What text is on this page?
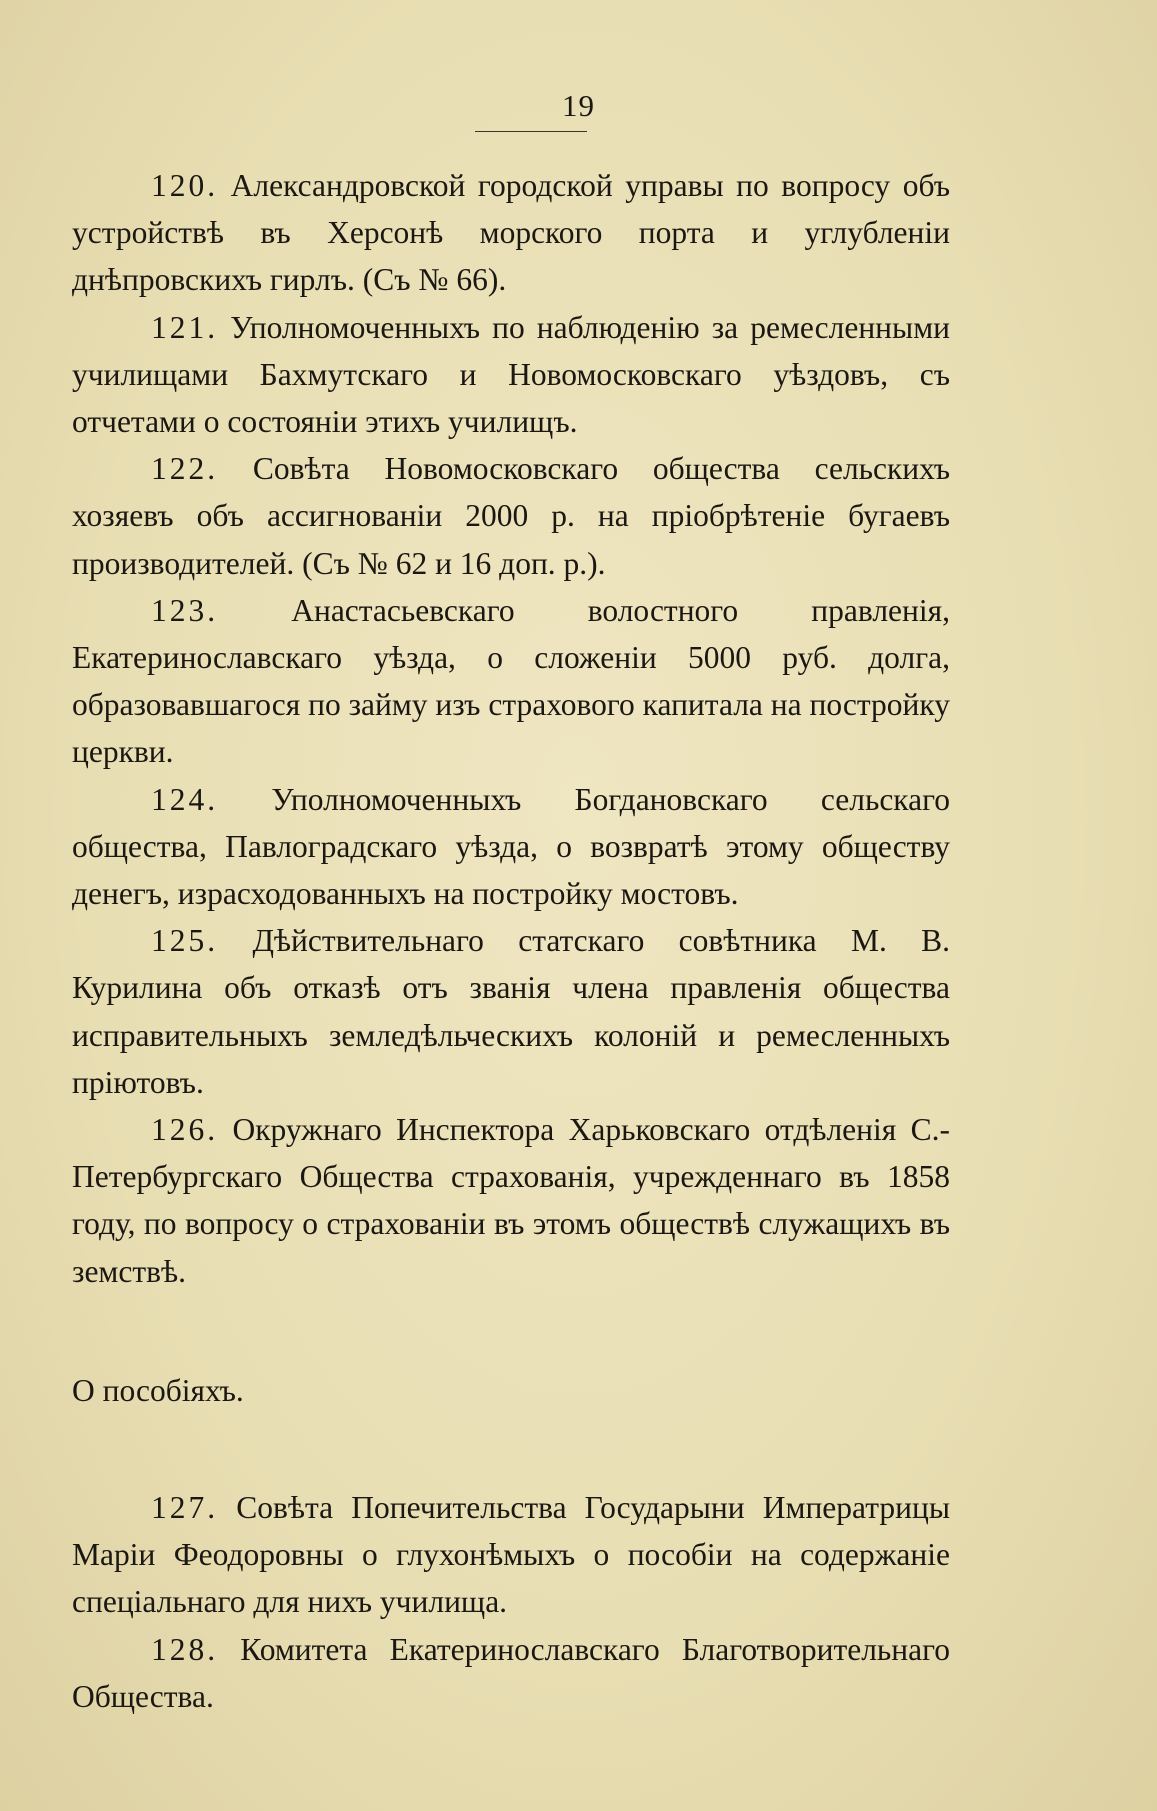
19

120. Александровской городской управы по вопросу объ устройствѣ въ Херсонѣ морского порта и углубленіи днѣпровскихъ гирлъ. (Съ № 66).

121. Уполномоченныхъ по наблюденію за ремесленными училищами Бахмутскаго и Новомосковскаго уѣздовъ, съ отчетами о состояніи этихъ училищъ.

122. Совѣта Новомосковскаго общества сельскихъ хозяевъ объ ассигнованіи 2000 р. на пріобрѣтеніе бугаевъ производителей. (Съ № 62 и 16 доп. р.).

123. Анастасьевскаго волостного правленія, Екатеринославскаго уѣзда, о сложеніи 5000 руб. долга, образовавшагося по займу изъ страхового капитала на постройку церкви.

124. Уполномоченныхъ Богдановскаго сельскаго общества, Павлоградскаго уѣзда, о возвратѣ этому обществу денегъ, израсходованныхъ на постройку мостовъ.

125. Дѣйствительнаго статскаго совѣтника М. В. Курилина объ отказѣ отъ званія члена правленія общества исправительныхъ земледѣльческихъ колоній и ремесленныхъ пріютовъ.

126. Окружнаго Инспектора Харьковскаго отдѣленія С.-Петербургскаго Общества страхованія, учрежденнаго въ 1858 году, по вопросу о страхованіи въ этомъ обществѣ служащихъ въ земствѣ.

О пособіяхъ.

127. Совѣта Попечительства Государыни Императрицы Маріи Феодоровны о глухонѣмыхъ о пособіи на содержаніе спеціальнаго для нихъ училища.

128. Комитета Екатеринославскаго Благотворительнаго Общества.
